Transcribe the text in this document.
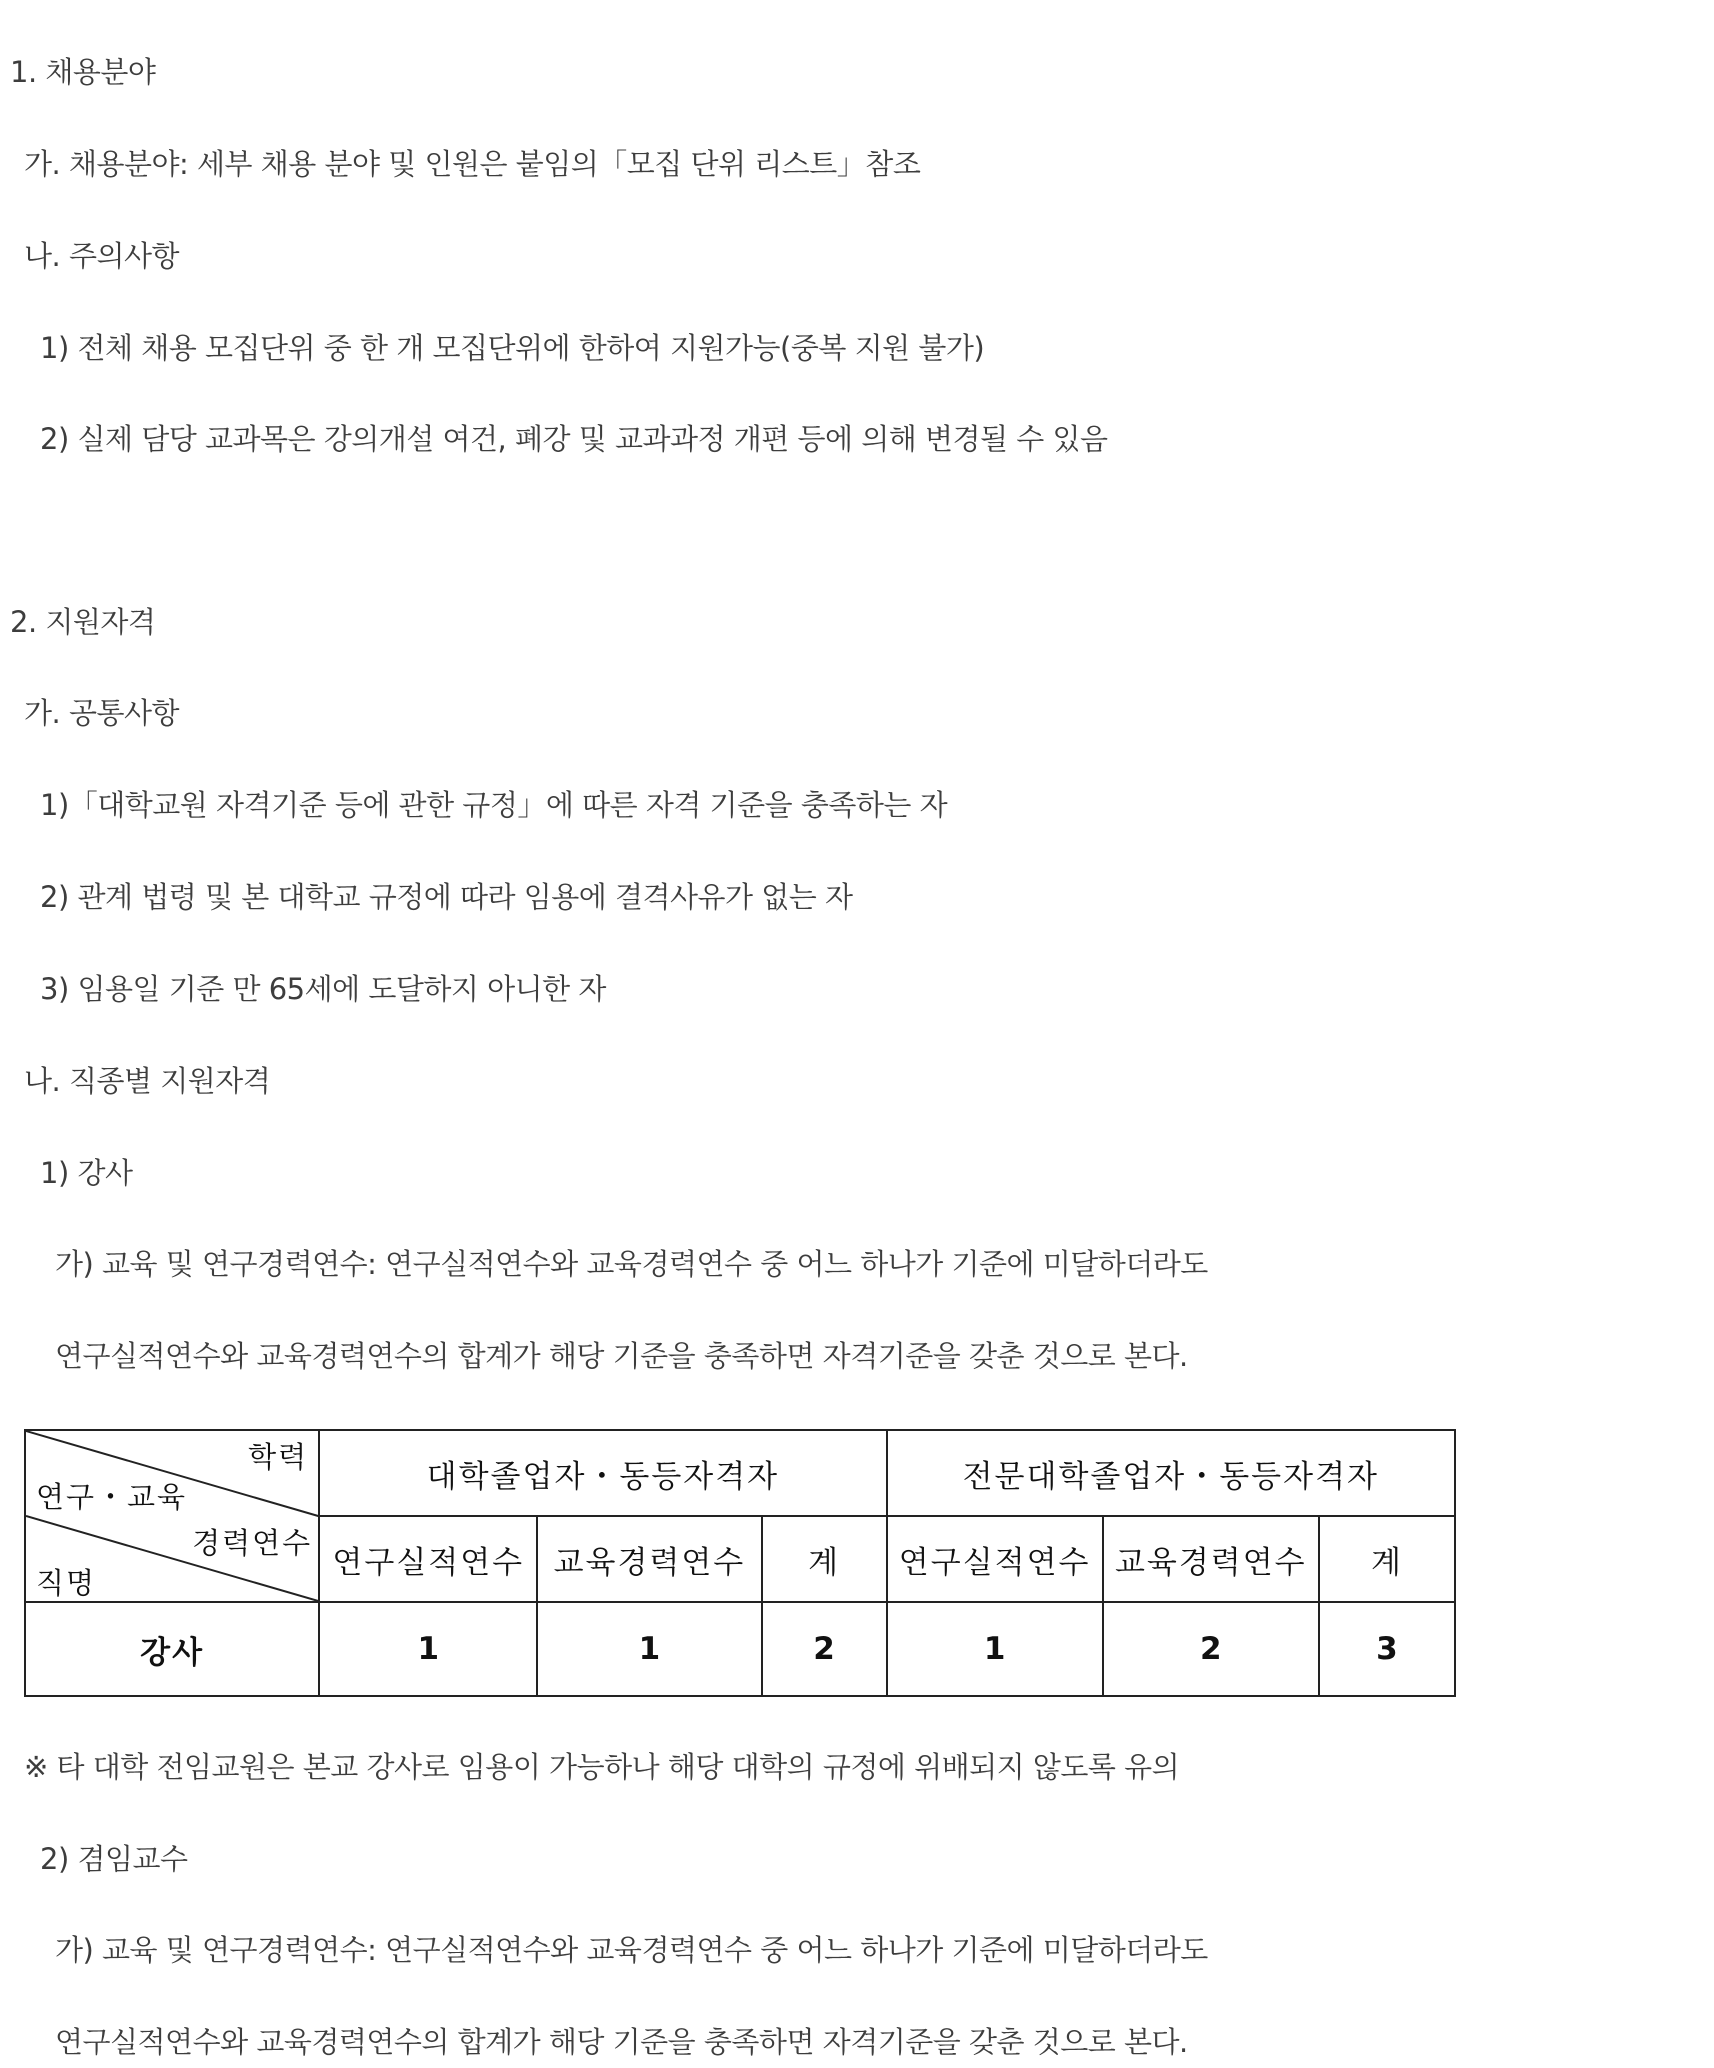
1. 채용분야
가. 채용분야: 세부 채용 분야 및 인원은 붙임의「모집 단위 리스트」참조
나. 주의사항
1) 전체 채용 모집단위 중 한 개 모집단위에 한하여 지원가능(중복 지원 불가)
2) 실제 담당 교과목은 강의개설 여건, 폐강 및 교과과정 개편 등에 의해 변경될 수 있음
2. 지원자격
가. 공통사항
1)「대학교원 자격기준 등에 관한 규정」에 따른 자격 기준을 충족하는 자
2) 관계 법령 및 본 대학교 규정에 따라 임용에 결격사유가 없는 자
3) 임용일 기준 만 65세에 도달하지 아니한 자
나. 직종별 지원자격
1) 강사
가) 교육 및 연구경력연수: 연구실적연수와 교육경력연수 중 어느 하나가 기준에 미달하더라도
연구실적연수와 교육경력연수의 합계가 해당 기준을 충족하면 자격기준을 갖춘 것으로 본다.
학력
연구・교육
경력연수
직명	대학졸업자・동등자격자			전문대학졸업자・동등자격자		
	연구실적연수	교육경력연수	계	연구실적연수	교육경력연수	계
강사	1	1	2	1	2	3
※ 타 대학 전임교원은 본교 강사로 임용이 가능하나 해당 대학의 규정에 위배되지 않도록 유의
2) 겸임교수
가) 교육 및 연구경력연수: 연구실적연수와 교육경력연수 중 어느 하나가 기준에 미달하더라도
연구실적연수와 교육경력연수의 합계가 해당 기준을 충족하면 자격기준을 갖춘 것으로 본다.
